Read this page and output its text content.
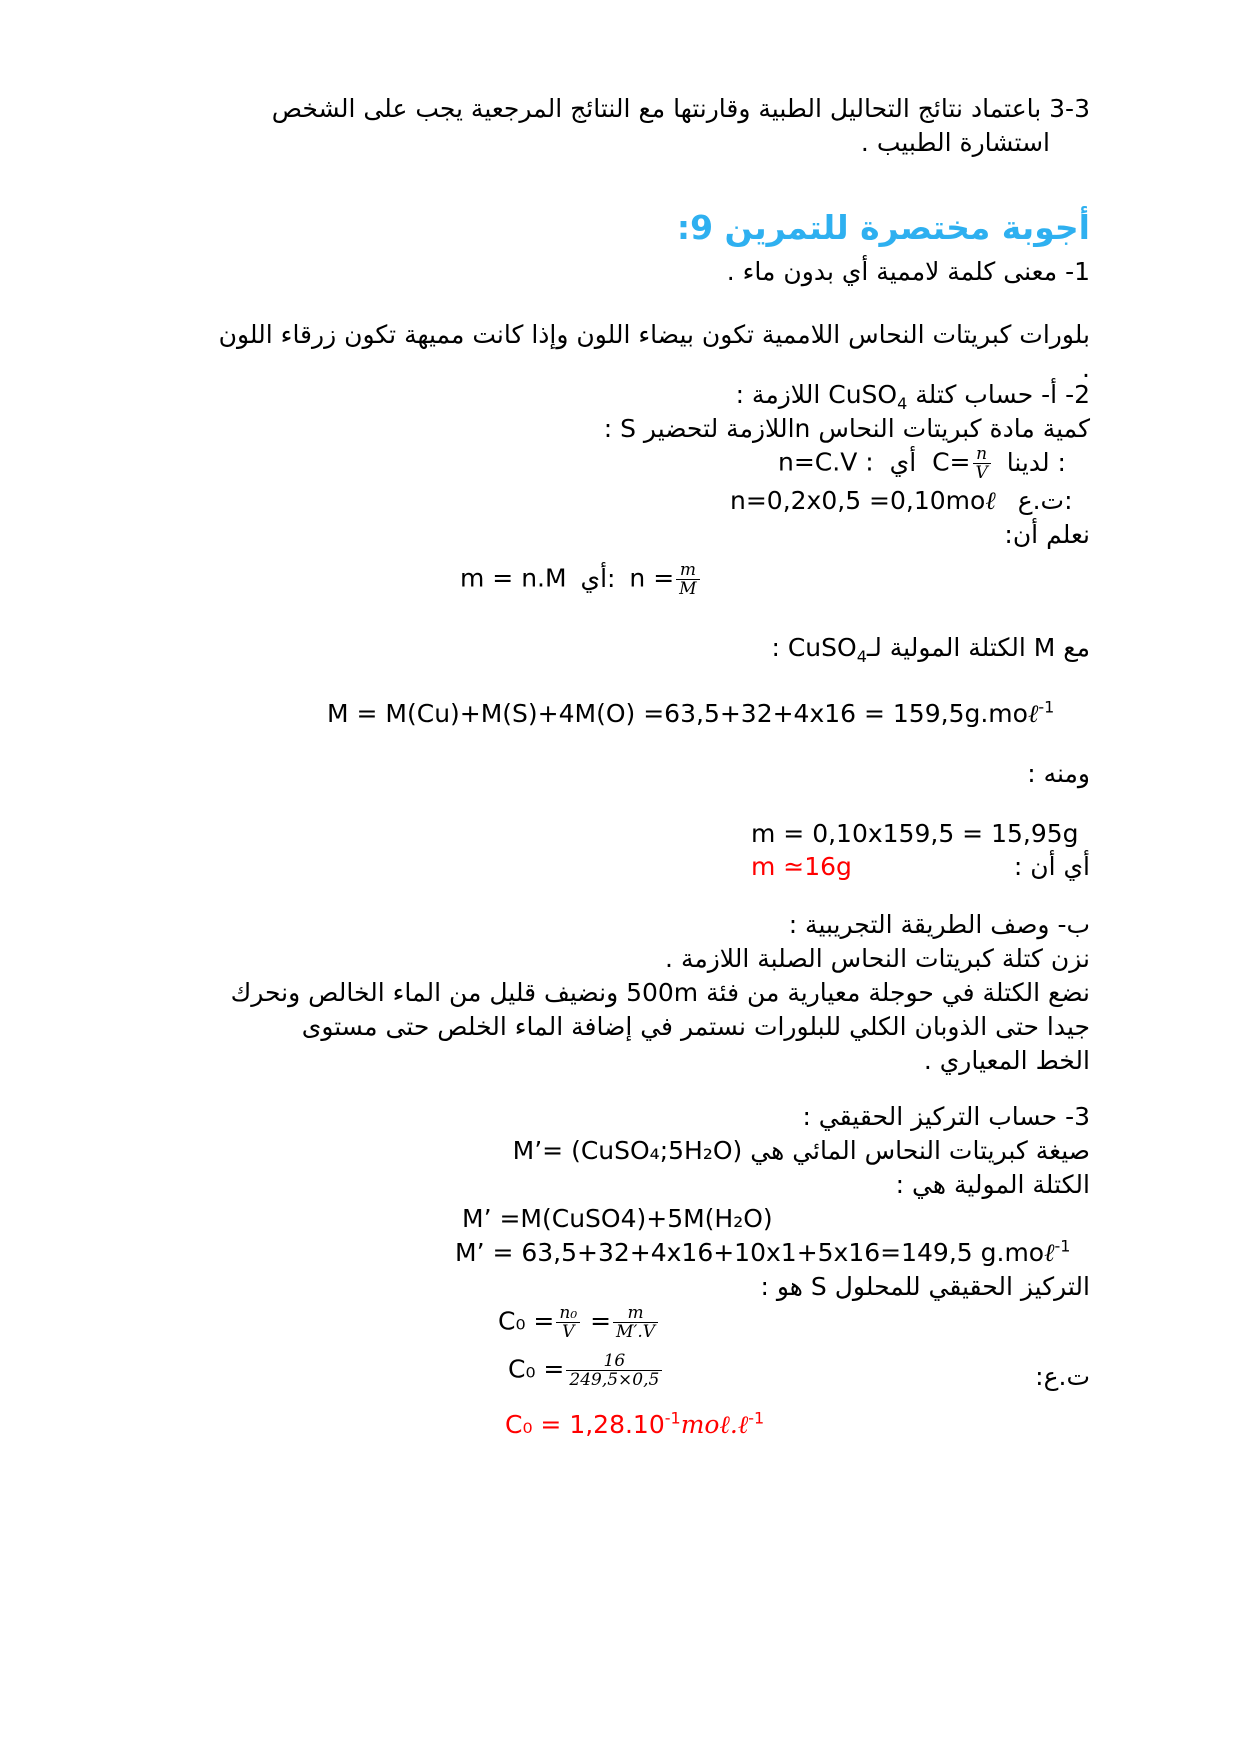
3-3 باعتماد نتائج التحاليل الطبية وقارنتها مع النتائج المرجعية يجب على الشخص
استشارة الطبيب .
أجوبة مختصرة للتمرين 9:
1- معنى كلمة لاممية أي بدون ماء .
بلورات كبريتات النحاس اللاممية تكون بيضاء اللون وإذا كانت مميهة تكون زرقاء اللون
.
2- أ- حساب كتلة CuSO$_4$ اللازمة :
كمية مادة كبريتات النحاس nاللازمة لتحضير S :
n=C.V : أي $C= \frac{n}{V}$ لدينا :
n=0,2x0,5 =0,10moℓ ت.ع:
نعلم أن:
m = n.M أي: $n = \frac{m}{M}$
مع M الكتلة المولية لـCuSO$_4$ :
M = M(Cu)+M(S)+4M(O) =63,5+32+4x16 = 159,5g.moℓ$^{-1}$
ومنه :
m = 0,10x159,5 = 15,95g
m ≃16g	أي أن :
ب- وصف الطريقة التجريبية :
نزن كتلة كبريتات النحاس الصلبة اللازمة .
نضع الكتلة في حوجلة معيارية من فئة 500m ونضيف قليل من الماء الخالص ونحرك
جيدا حتى الذوبان الكلي للبلورات نستمر في إضافة الماء الخلص حتى مستوى
الخط المعياري .
3- حساب التركيز الحقيقي :
صيغة كبريتات النحاس المائي هي M’= (CuSO₄;5H₂O)
الكتلة المولية هي :
M’ =M(CuSO4)+5M(H₂O)
M’ = 63,5+32+4x16+10x1+5x16=149,5 g.moℓ$^{-1}$
التركيز الحقيقي للمحلول S هو :
$C_0 = \frac{\text{n₀}}{V} = \frac{m}{M'.V}$
$C_0 = \frac{16}{249,5\times 0,5}$	ت.ع:
$C_0 = 1,28.10^{-1}mo\ell.\ell^{-1}$
